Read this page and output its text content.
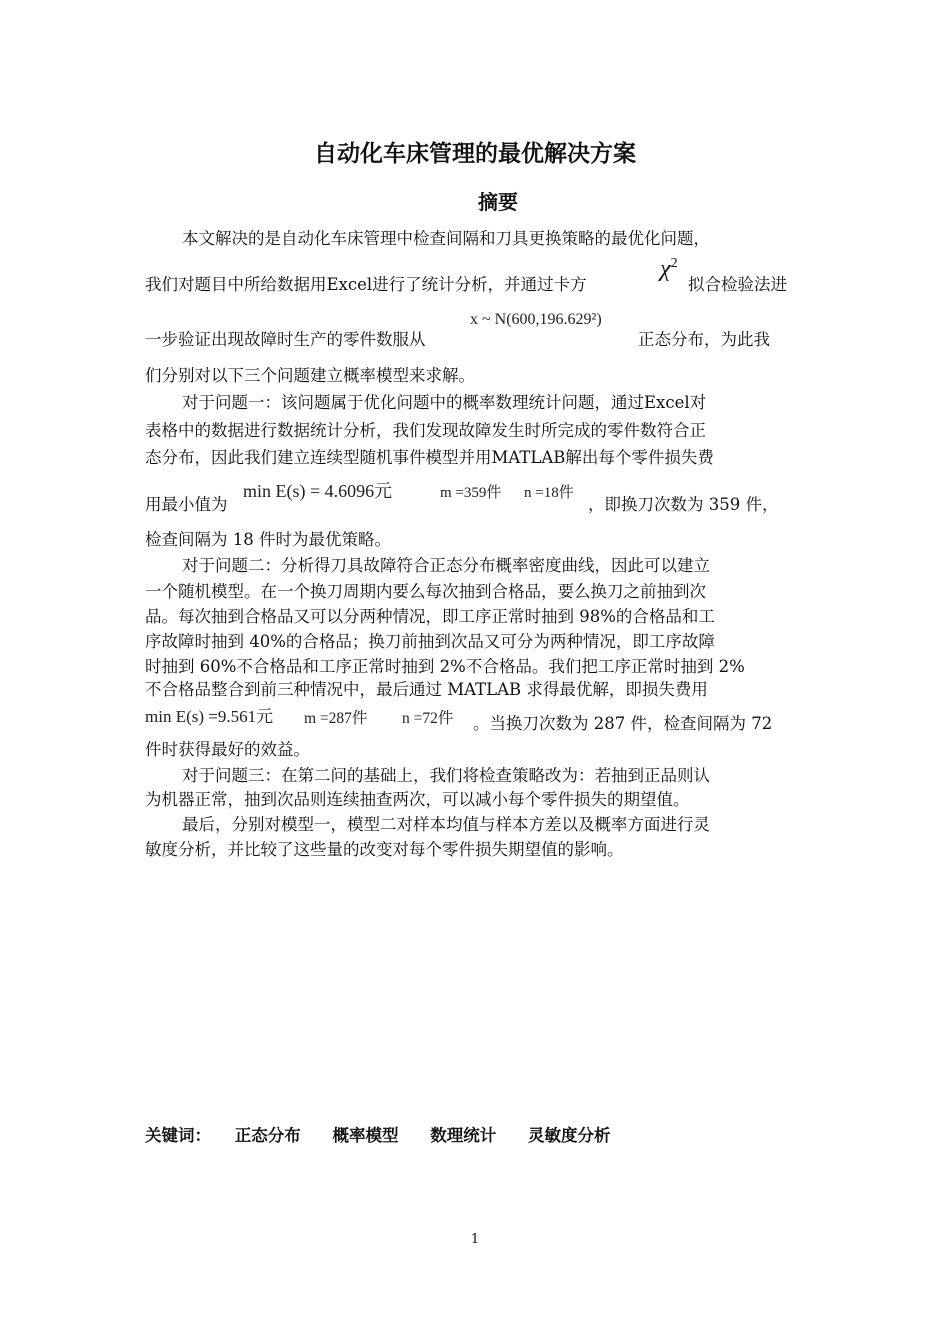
自动化车床管理的最优解决方案
摘要
本文解决的是自动化车床管理中检查间隔和刀具更换策略的最优化问题，
我们对题目中所给数据用Excel进行了统计分析，并通过卡方
$\chi^2$
拟合检验法进
一步验证出现故障时生产的零件数服从
x ~ N(600,196.629²)
正态分布，为此我
们分别对以下三个问题建立概率模型来求解。
对于问题一：该问题属于优化问题中的概率数理统计问题，通过Excel对
表格中的数据进行数据统计分析，我们发现故障发生时所完成的零件数符合正
态分布，因此我们建立连续型随机事件模型并用MATLAB解出每个零件损失费
用最小值为
min E(s) = 4.6096元	m =359件 n =18件
，即换刀次数为 359 件，
检查间隔为 18 件时为最优策略。
对于问题二：分析得刀具故障符合正态分布概率密度曲线，因此可以建立
一个随机模型。在一个换刀周期内要么每次抽到合格品，要么换刀之前抽到次
品。每次抽到合格品又可以分两种情况，即工序正常时抽到 98%的合格品和工
序故障时抽到 40%的合格品；换刀前抽到次品又可分为两种情况，即工序故障
时抽到 60%不合格品和工序正常时抽到 2%不合格品。我们把工序正常时抽到 2%
不合格品整合到前三种情况中，最后通过 MATLAB 求得最优解，即损失费用
min E(s) =9.561元 m =287件 n =72件 。当换刀次数为 287 件，检查间隔为 72
件时获得最好的效益。
对于问题三：在第二问的基础上，我们将检查策略改为：若抽到正品则认
为机器正常，抽到次品则连续抽查两次，可以减小每个零件损失的期望值。
最后，分别对模型一，模型二对样本均值与样本方差以及概率方面进行灵
敏度分析，并比较了这些量的改变对每个零件损失期望值的影响。
关键词： 正态分布 概率模型 数理统计 灵敏度分析
1
